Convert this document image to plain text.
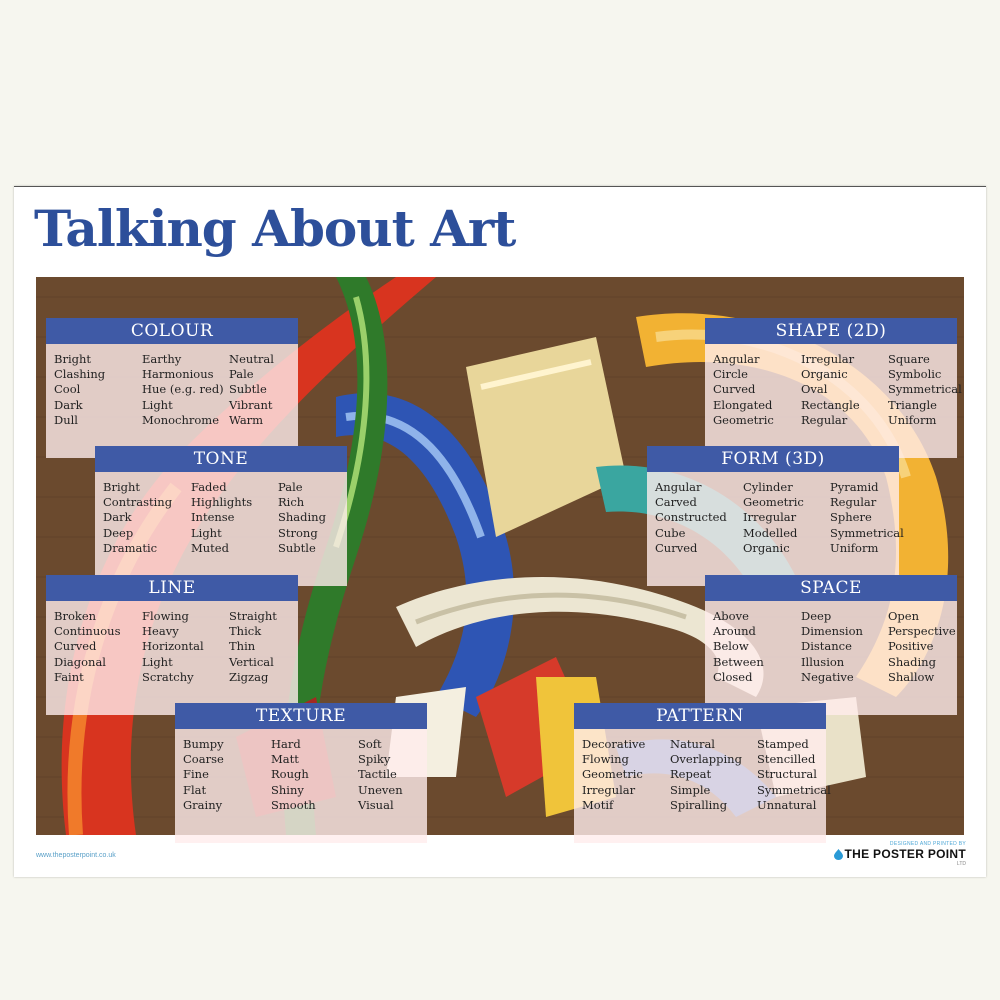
Talking About Art
COLOUR
Bright
Clashing
Cool
Dark
Dull
Earthy
Harmonious
Hue (e.g. red)
Light
Monochrome
Neutral
Pale
Subtle
Vibrant
Warm
TONE
Bright
Contrasting
Dark
Deep
Dramatic
Faded
Highlights
Intense
Light
Muted
Pale
Rich
Shading
Strong
Subtle
LINE
Broken
Continuous
Curved
Diagonal
Faint
Flowing
Heavy
Horizontal
Light
Scratchy
Straight
Thick
Thin
Vertical
Zigzag
TEXTURE
Bumpy
Coarse
Fine
Flat
Grainy
Hard
Matt
Rough
Shiny
Smooth
Soft
Spiky
Tactile
Uneven
Visual
SHAPE (2D)
Angular
Circle
Curved
Elongated
Geometric
Irregular
Organic
Oval
Rectangle
Regular
Square
Symbolic
Symmetrical
Triangle
Uniform
FORM (3D)
Angular
Carved
Constructed
Cube
Curved
Cylinder
Geometric
Irregular
Modelled
Organic
Pyramid
Regular
Sphere
Symmetrical
Uniform
SPACE
Above
Around
Below
Between
Closed
Deep
Dimension
Distance
Illusion
Negative
Open
Perspective
Positive
Shading
Shallow
PATTERN
Decorative
Flowing
Geometric
Irregular
Motif
Natural
Overlapping
Repeat
Simple
Spiralling
Stamped
Stencilled
Structural
Symmetrical
Unnatural
www.theposterpoint.co.uk
DESIGNED AND PRINTED BY
THE POSTER POINT
LTD
